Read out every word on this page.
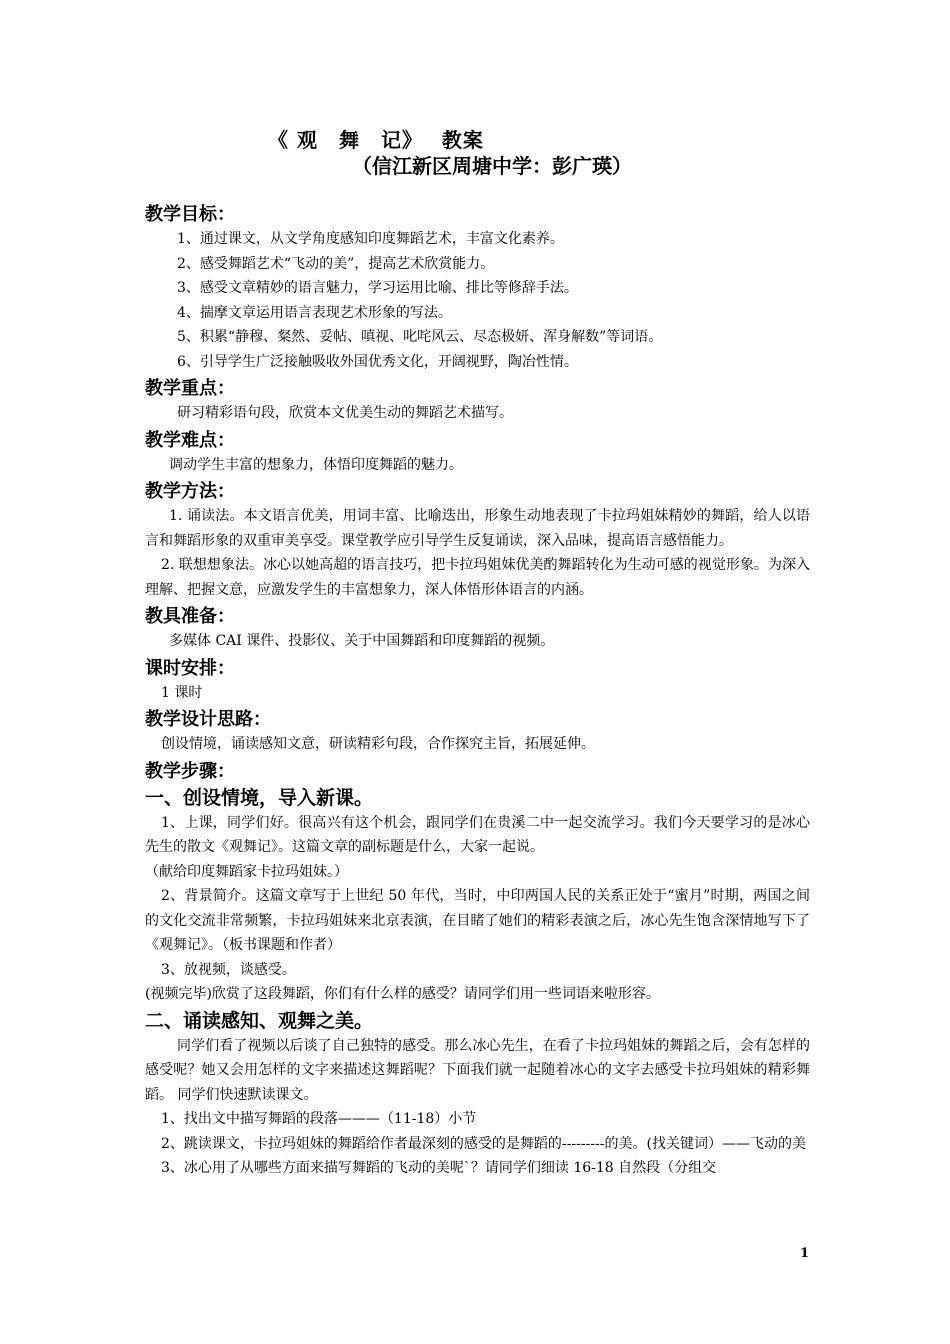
《 观　舞　记》　 教案
（信江新区周塘中学：彭广瑛）
教学目标：
1、通过课文，从文学角度感知印度舞蹈艺术，丰富文化素养。
2、感受舞蹈艺术“飞动的美”，提高艺术欣赏能力。
3、感受文章精妙的语言魅力，学习运用比喻、排比等修辞手法。
4、揣摩文章运用语言表现艺术形象的写法。
5、积累“静穆、粲然、妥帖、嗔视、叱咤风云、尽态极妍、浑身解数”等词语。
6、引导学生广泛接触吸收外国优秀文化，开阔视野，陶冶性情。
教学重点：
研习精彩语句段，欣赏本文优美生动的舞蹈艺术描写。
教学难点：
调动学生丰富的想象力，体悟印度舞蹈的魅力。
教学方法：
1. 诵读法。本文语言优美，用词丰富、比喻迭出，形象生动地表现了卡拉玛姐妹精妙的舞蹈，给人以语言和舞蹈形象的双重审美享受。课堂教学应引导学生反复诵读，深入品味，提高语言感悟能力。
2. 联想想象法。冰心以她高超的语言技巧，把卡拉玛姐妹优美酌舞蹈转化为生动可感的视觉形象。为深入理解、把握文意，应激发学生的丰富想象力，深人体悟形体语言的内涵。
教具准备：
多媒体 CAI 课件、投影仪、关于中国舞蹈和印度舞蹈的视频。
课时安排：
1 课时
教学设计思路：
创设情境，诵读感知文意，研读精彩句段，合作探究主旨，拓展延伸。
教学步骤：
一、创设情境，导入新课。
1、上课，同学们好。很高兴有这个机会，跟同学们在贵溪二中一起交流学习。我们今天要学习的是冰心先生的散文《观舞记》。这篇文章的副标题是什么，大家一起说。
（献给印度舞蹈家卡拉玛姐妹。）
2、背景简介。这篇文章写于上世纪 50 年代，当时，中印两国人民的关系正处于“蜜月”时期，两国之间的文化交流非常频繁，卡拉玛姐妹来北京表演，在目睹了她们的精彩表演之后，冰心先生饱含深情地写下了《观舞记》。（板书课题和作者）
3、放视频，谈感受。
(视频完毕)欣赏了这段舞蹈，你们有什么样的感受？请同学们用一些词语来啦形容。
二、诵读感知、观舞之美。
同学们看了视频以后谈了自己独特的感受。那么冰心先生，在看了卡拉玛姐妹的舞蹈之后，会有怎样的感受呢？她又会用怎样的文字来描述这舞蹈呢？下面我们就一起随着冰心的文字去感受卡拉玛姐妹的精彩舞蹈。 同学们快速默读课文。
1、找出文中描写舞蹈的段落———（11-18）小节
2、跳读课文，卡拉玛姐妹的舞蹈给作者最深刻的感受的是舞蹈的---------的美。(找关键词）——飞动的美
3、冰心用了从哪些方面来描写舞蹈的飞动的美呢`？请同学们细读 16-18 自然段（分组交
1
